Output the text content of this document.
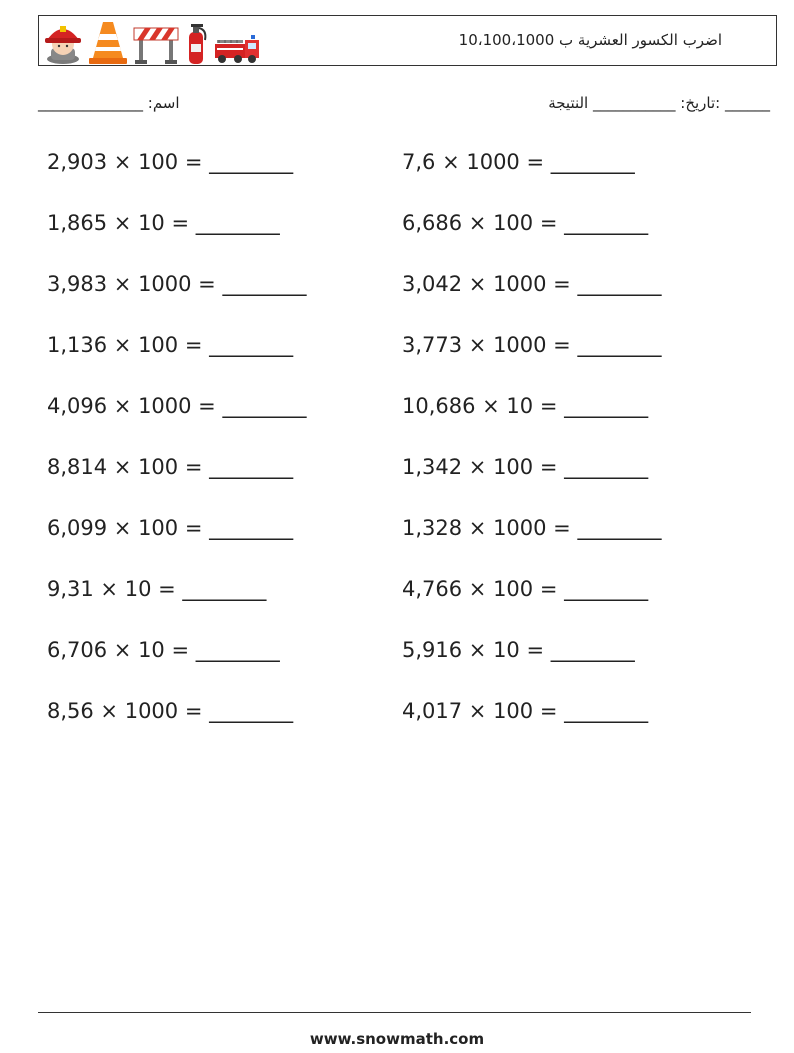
اضرب الكسور العشرية ب 10،100،1000
______________ :اسم	______ :تاريخ: ___________ النتيجة
2,903 × 100 = ________
1,865 × 10 = ________
3,983 × 1000 = ________
1,136 × 100 = ________
4,096 × 1000 = ________
8,814 × 100 = ________
6,099 × 100 = ________
9,31 × 10 = ________
6,706 × 10 = ________
8,56 × 1000 = ________
7,6 × 1000 = ________
6,686 × 100 = ________
3,042 × 1000 = ________
3,773 × 1000 = ________
10,686 × 10 = ________
1,342 × 100 = ________
1,328 × 1000 = ________
4,766 × 100 = ________
5,916 × 10 = ________
4,017 × 100 = ________
www.snowmath.com
